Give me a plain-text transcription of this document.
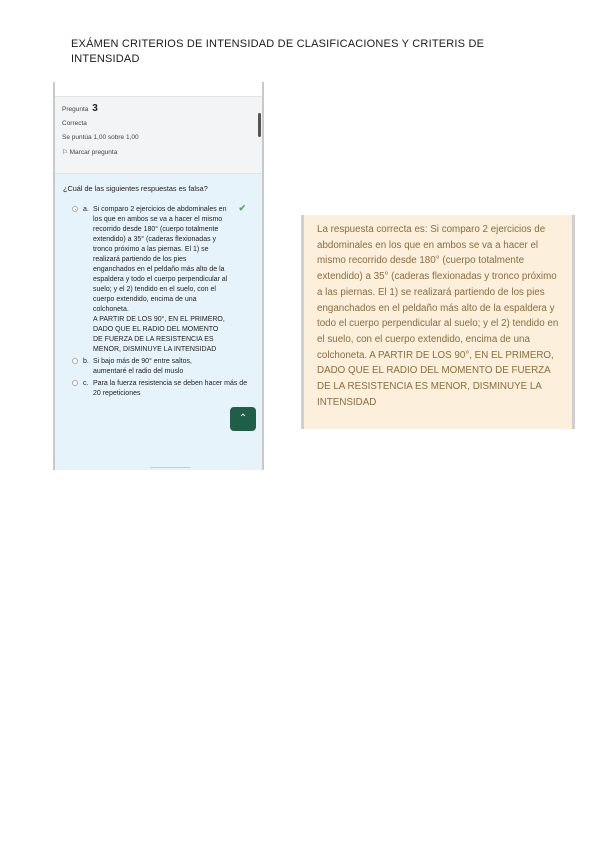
EXÁMEN CRITERIOS DE INTENSIDAD DE CLASIFICACIONES Y CRITERIS DE INTENSIDAD
Pregunta 3
Correcta
Se puntúa 1,00 sobre 1,00
⚐ Marcar pregunta
¿Cuál de las siguientes respuestas es falsa?
a. Si comparo 2 ejercicios de abdominales en los que en ambos se va a hacer el mismo recorrido desde 180° (cuerpo totalmente extendido) a 35° (caderas flexionadas y tronco próximo a las piernas. El 1) se realizará partiendo de los pies enganchados en el peldaño más alto de la espaldera y todo el cuerpo perpendicular al suelo; y el 2) tendido en el suelo, con el cuerpo extendido, encima de una colchoneta.
A PARTIR DE LOS 90°, EN EL PRIMERO, DADO QUE EL RADIO DEL MOMENTO DE FUERZA DE LA RESISTENCIA ES MENOR, DISMINUYE LA INTENSIDAD
✔
b. Si bajo más de 90° entre saltos, aumentaré el radio del muslo
c. Para la fuerza resistencia se deben hacer más de 20 repeticiones
⌃
La respuesta correcta es: Si comparo 2 ejercicios de abdominales en los que en ambos se va a hacer el mismo recorrido desde 180° (cuerpo totalmente extendido) a 35° (caderas flexionadas y tronco próximo a las piernas. El 1) se realizará partiendo de los pies enganchados en el peldaño más alto de la espaldera y todo el cuerpo perpendicular al suelo; y el 2) tendido en el suelo, con el cuerpo extendido, encima de una colchoneta. A PARTIR DE LOS 90°, EN EL PRIMERO, DADO QUE EL RADIO DEL MOMENTO DE FUERZA DE LA RESISTENCIA ES MENOR, DISMINUYE LA INTENSIDAD
